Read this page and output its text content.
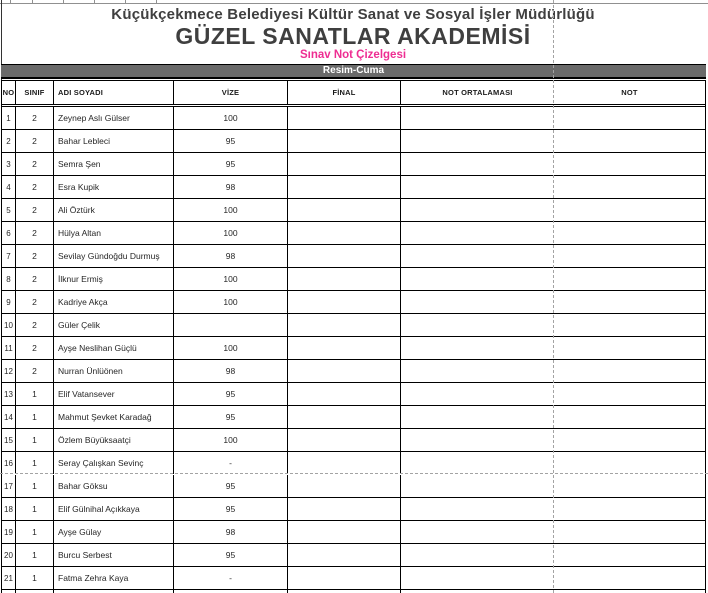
Küçükçekmece Belediyesi Kültür Sanat ve Sosyal İşler Müdürlüğü
GÜZEL SANATLAR AKADEMİSİ
Sınav Not Çizelgesi
Resim-Cuma
NO	SINIF	ADI SOYADI	VİZE	FİNAL	NOT ORTALAMASI	NOT
1	2	Zeynep Aslı Gülser	100
2	2	Bahar Lebleci	95
3	2	Semra Şen	95
4	2	Esra Kupik	98
5	2	Ali Öztürk	100
6	2	Hülya Altan	100
7	2	Sevilay Gündoğdu Durmuş	98
8	2	İlknur Ermiş	100
9	2	Kadriye Akça	100
10	2	Güler Çelik
11	2	Ayşe Neslihan Güçlü	100
12	2	Nurran Ünlüönen	98
13	1	Elif Vatansever	95
14	1	Mahmut Şevket Karadağ	95
15	1	Özlem Büyüksaatçi	100
16	1	Seray Çalışkan Sevinç	-
17	1	Bahar Göksu	95
18	1	Elif Gülnihal Açıkkaya	95
19	1	Ayşe Gülay	98
20	1	Burcu Serbest	95
21	1	Fatma Zehra Kaya	-
